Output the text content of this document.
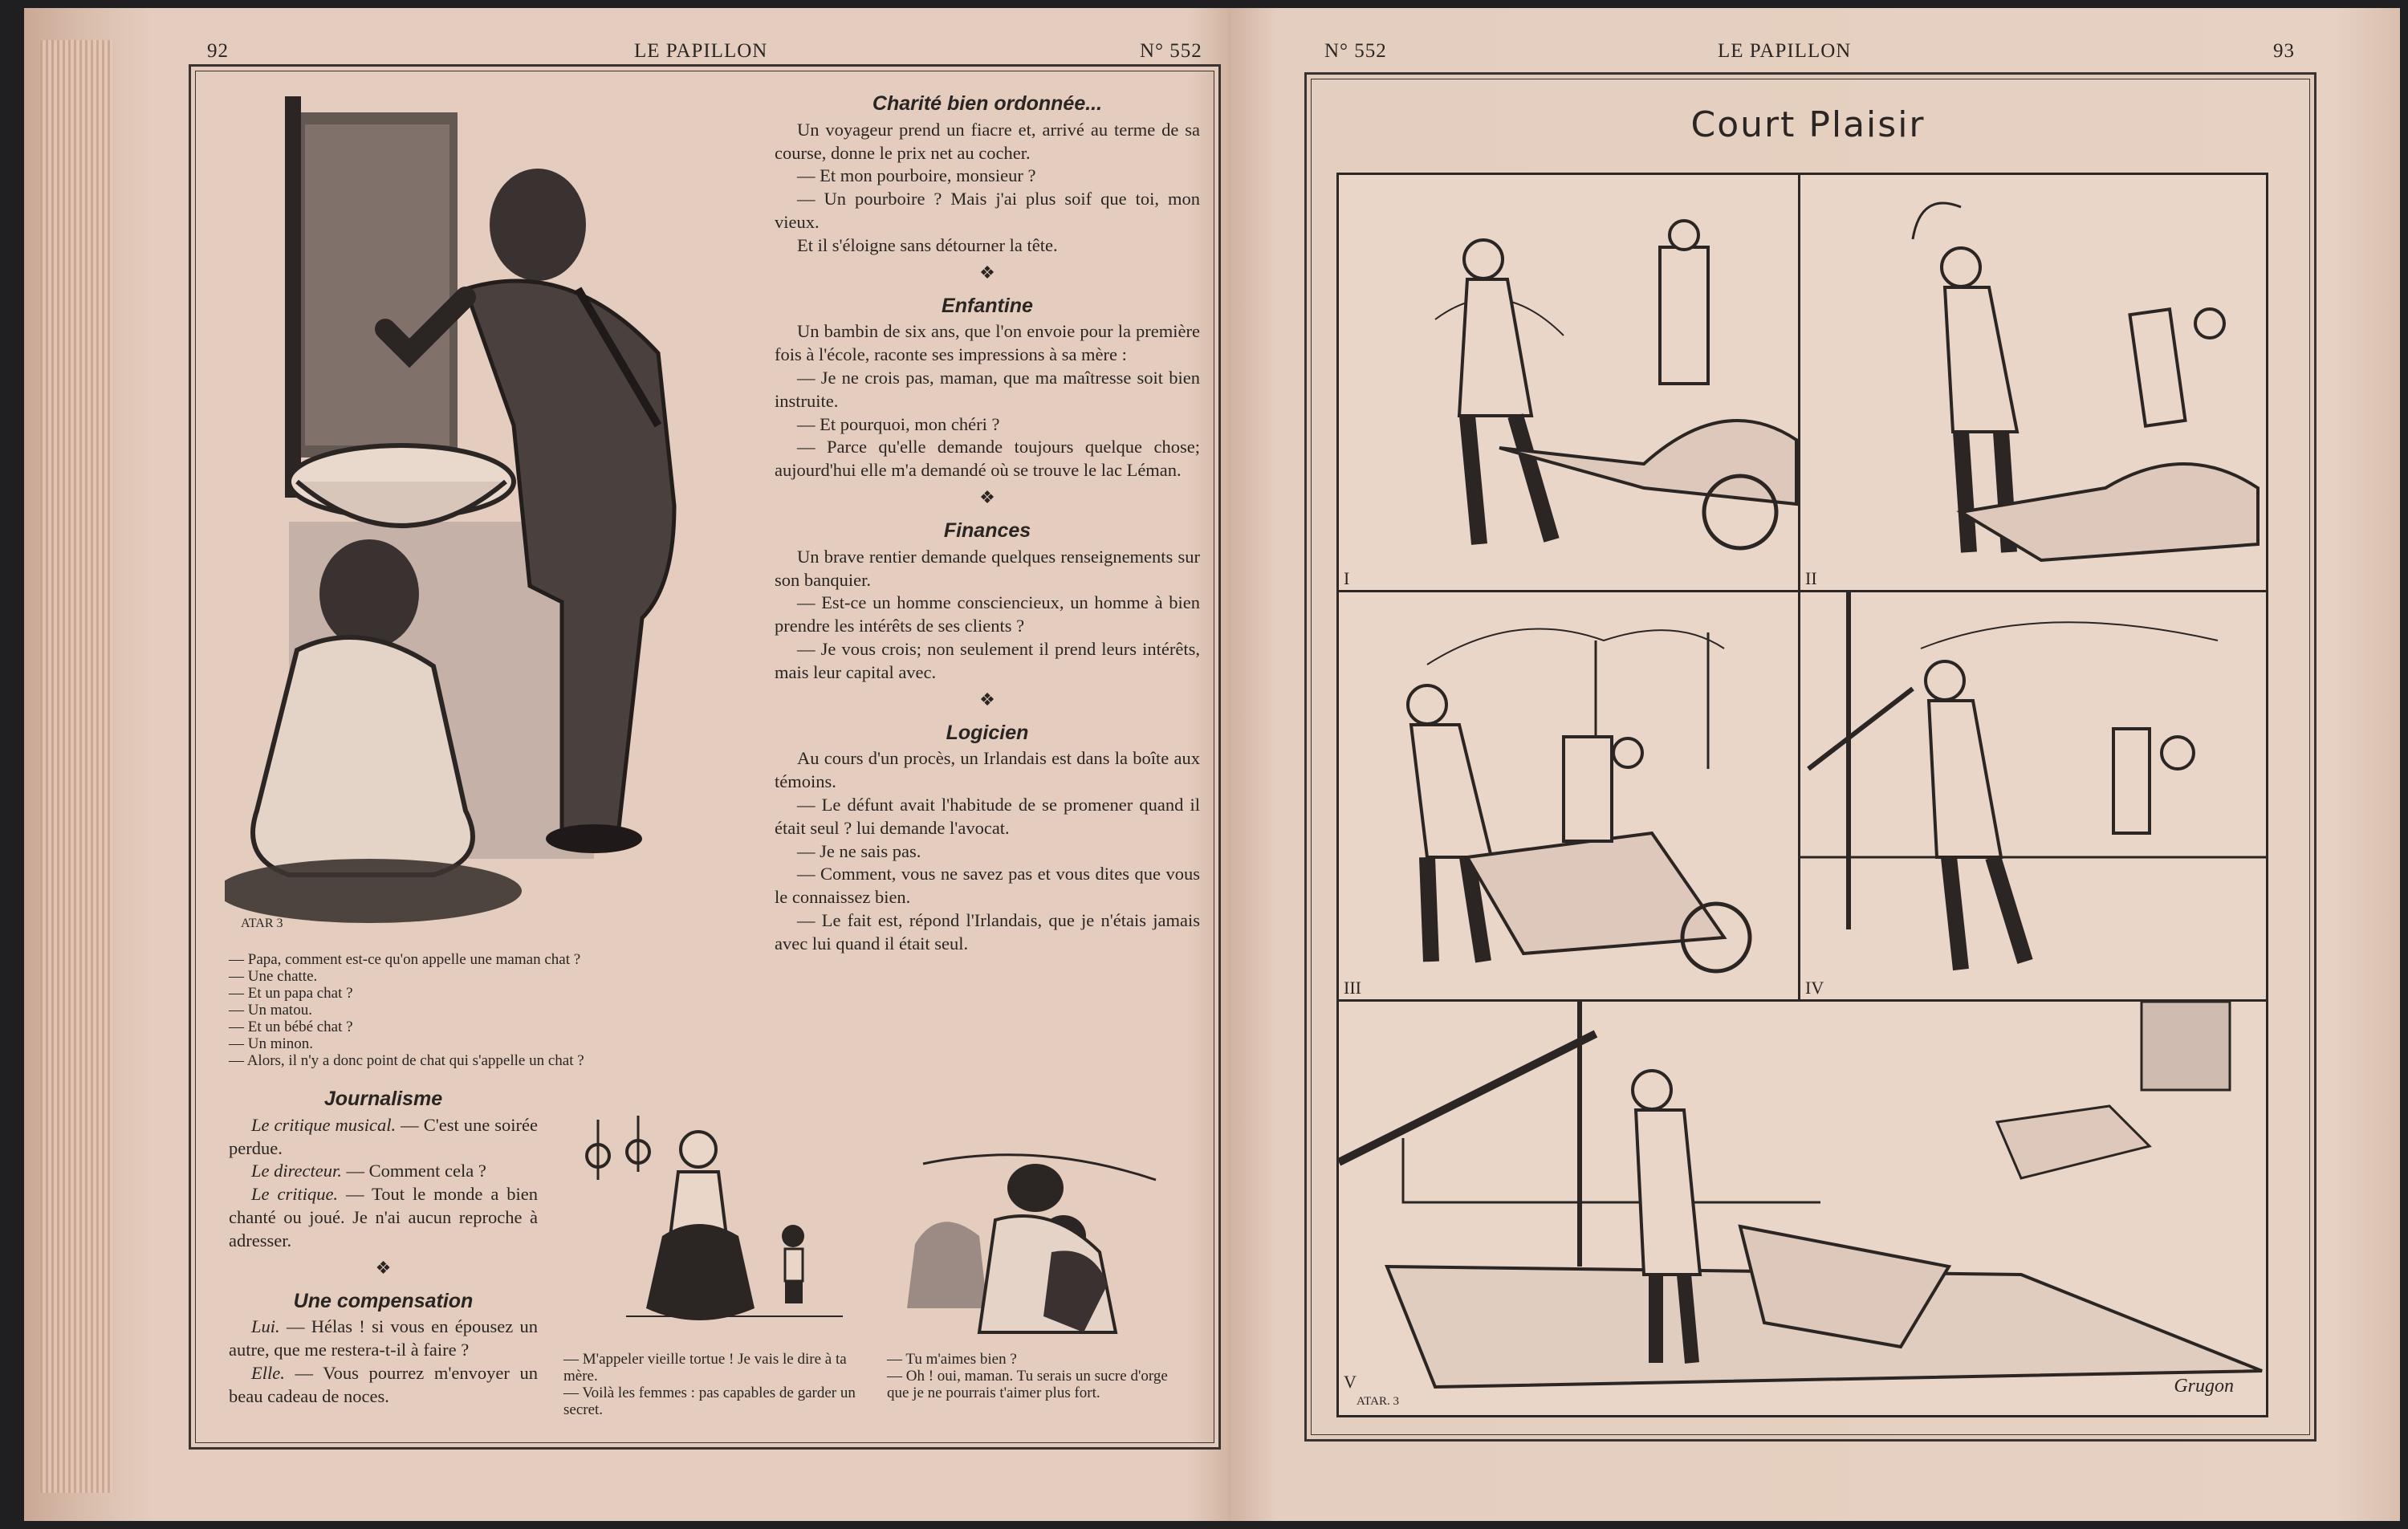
92	LE PAPILLON	N° 552
ATAR 3
— Papa, comment est-ce qu'on appelle une maman chat ?
— Une chatte.
— Et un papa chat ?
— Un matou.
— Et un bébé chat ?
— Un minon.
— Alors, il n'y a donc point de chat qui s'appelle un chat ?
Charité bien ordonnée...

Un voyageur prend un fiacre et, arrivé au terme de sa course, donne le prix net au cocher.

— Et mon pourboire, monsieur ?

— Un pourboire ? Mais j'ai plus soif que toi, mon vieux.

Et il s'éloigne sans détourner la tête.

❖
Enfantine

Un bambin de six ans, que l'on envoie pour la première fois à l'école, raconte ses impressions à sa mère :

— Je ne crois pas, maman, que ma maîtresse soit bien instruite.

— Et pourquoi, mon chéri ?

— Parce qu'elle demande toujours quelque chose; aujourd'hui elle m'a demandé où se trouve le lac Léman.

❖
Finances

Un brave rentier demande quelques renseignements sur son banquier.

— Est-ce un homme consciencieux, un homme à bien prendre les intérêts de ses clients ?

— Je vous crois; non seulement il prend leurs intérêts, mais leur capital avec.

❖
Logicien

Au cours d'un procès, un Irlandais est dans la boîte aux témoins.

— Le défunt avait l'habitude de se promener quand il était seul ? lui demande l'avocat.

— Je ne sais pas.

— Comment, vous ne savez pas et vous dites que vous le connaissez bien.

— Le fait est, répond l'Irlandais, que je n'étais jamais avec lui quand il était seul.

Journalisme

Le critique musical. — C'est une soirée perdue.

Le directeur. — Comment cela ?

Le critique. — Tout le monde a bien chanté ou joué. Je n'ai aucun reproche à adresser.

❖
Une compensation

Lui. — Hélas ! si vous en épousez un autre, que me restera-t-il à faire ?

Elle. — Vous pourrez m'envoyer un beau cadeau de noces.

— M'appeler vieille tortue ! Je vais le dire à ta mère.
— Voilà les femmes : pas capables de garder un secret.
— Tu m'aimes bien ?
— Oh ! oui, maman. Tu serais un sucre d'orge que je ne pourrais t'aimer plus fort.
N° 552	LE PAPILLON	93
Court Plaisir
I	II
III	IV
V
ATAR. 3
Grugon
